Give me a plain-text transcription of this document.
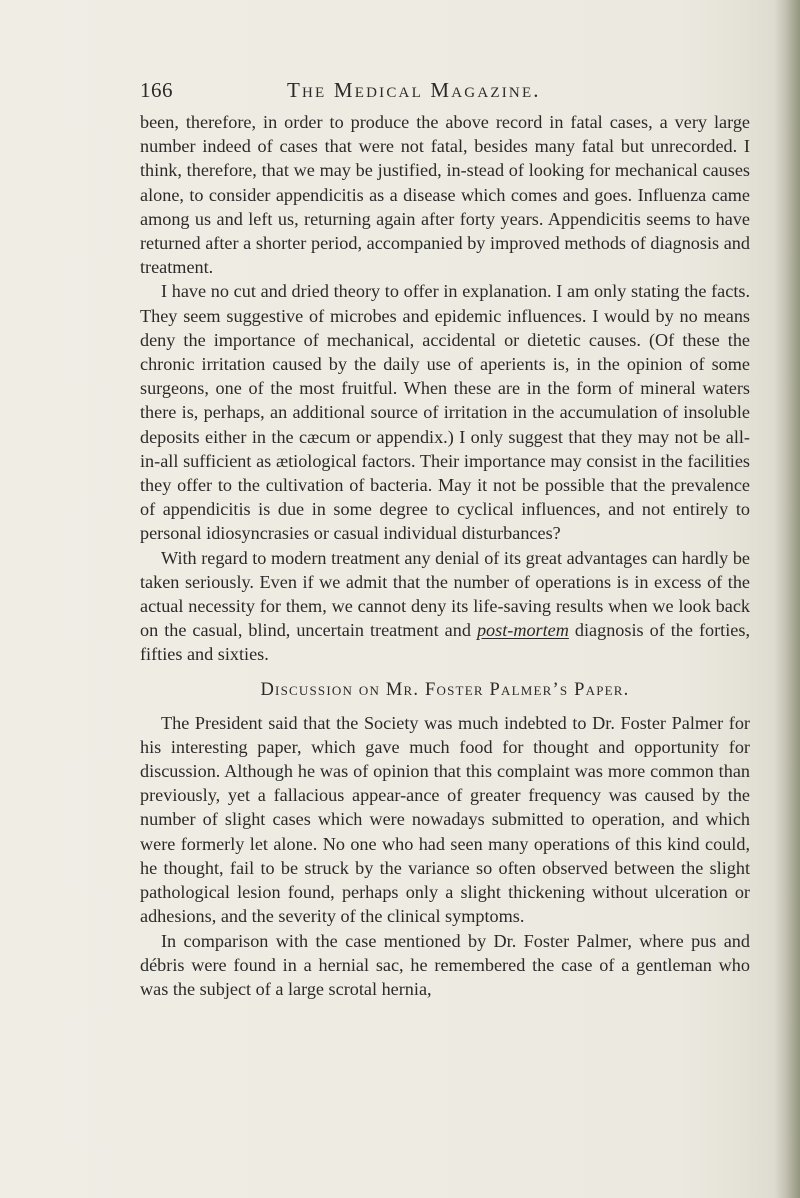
166	The Medical Magazine.

been, therefore, in order to produce the above record in fatal cases, a very large number indeed of cases that were not fatal, besides many fatal but unrecorded. I think, therefore, that we may be justified, in-stead of looking for mechanical causes alone, to consider appendicitis as a disease which comes and goes. Influenza came among us and left us, returning again after forty years. Appendicitis seems to have returned after a shorter period, accompanied by improved methods of diagnosis and treatment.

I have no cut and dried theory to offer in explanation. I am only stating the facts. They seem suggestive of microbes and epidemic influences. I would by no means deny the importance of mechanical, accidental or dietetic causes. (Of these the chronic irritation caused by the daily use of aperients is, in the opinion of some surgeons, one of the most fruitful. When these are in the form of mineral waters there is, perhaps, an additional source of irritation in the accumulation of insoluble deposits either in the cæcum or appendix.) I only suggest that they may not be all-in-all sufficient as ætiological factors. Their importance may consist in the facilities they offer to the cultivation of bacteria. May it not be possible that the prevalence of appendicitis is due in some degree to cyclical influences, and not entirely to personal idiosyncrasies or casual individual disturbances?

With regard to modern treatment any denial of its great advantages can hardly be taken seriously. Even if we admit that the number of operations is in excess of the actual necessity for them, we cannot deny its life-saving results when we look back on the casual, blind, uncertain treatment and post-mortem diagnosis of the forties, fifties and sixties.

Discussion on Mr. Foster Palmer’s Paper.

The President said that the Society was much indebted to Dr. Foster Palmer for his interesting paper, which gave much food for thought and opportunity for discussion. Although he was of opinion that this complaint was more common than previously, yet a fallacious appear-ance of greater frequency was caused by the number of slight cases which were nowadays submitted to operation, and which were formerly let alone. No one who had seen many operations of this kind could, he thought, fail to be struck by the variance so often observed between the slight pathological lesion found, perhaps only a slight thickening without ulceration or adhesions, and the severity of the clinical symptoms.

In comparison with the case mentioned by Dr. Foster Palmer, where pus and débris were found in a hernial sac, he remembered the case of a gentleman who was the subject of a large scrotal hernia,
